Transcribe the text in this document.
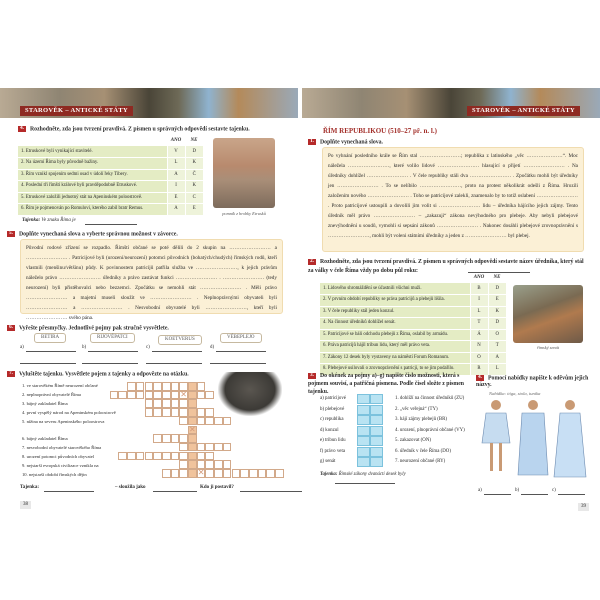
STAROVĚK – ANTICKÉ STÁTY
4. Rozhodněte, zda jsou tvrzení pravdivá. Z písmen u správných odpovědí sestavte tajenku.
	ANO	NE
1. Etruskové byli vynikající stavitelé.	V	D
2. Na území Říma byly původně bažiny.	L	K
3. Řím vznikl spojením sedmi osad v údolí řeky Tibery.	A	Č
4. Poslední tři římští králové byli pravděpodobně Etruskové.	I	K
5. Etruskové založili jednotný stát na Apeninském poloostrově.	E	C
6. Řím je pojmenován po Romulovi, kterého zabil bratr Remus.	A	E
pomník z hrobky Etrusků
Tajenka: Ve znaku Říma je
5. Doplňte vynechaná slova a vyberte správnou možnost v závorce.
Původní rodové zřízení se rozpadlo. Římští občané se poté dělili do 2 skupin na …………………… a …………………… . Patricijové byli (urození/neurození) potomci původních (bohatých/chudých) římských rodů, kteří vlastnili (menšinu/většinu) půdy. K povinnostem patricijů patřila služba ve ……………………, k jejich právům náleželo právo …………………… úředníky a právo zastávat funkci …………………… . …………………… (tedy neurození) byli přistěhovalci nebo bezzemci. Zpočátku se nemohli stát …………………… . Měli právo …………………… a majetní museli sloužit ve …………………… . Neplnoprávnými obyvateli byli …………………… a …………………… . Nesvobodní obyvatelé byli ……………………, kteří byli …………………… svého pána.
6. Vyřešte přesmyčky. Jednotlivé pojmy pak stručně vysvětlete.
BETIRA	RIJOVÉPATCI	KOETVERUS	VÉBEPLEJO
a)	b)	c)	d)
7. Vyluštěte tajenku. Vysvětlete pojem z tajenky a odpovězte na otázku.
1. ve starověkém Římě neurození občané
2. neplnoprávní obyvatelé Říma
3. bájný zakladatel Říma
4. první vyspělý národ na Apeninském poloostrově
5. nížina na severu Apeninského poloostrova
6. bájný zakladatel Říma
7. nesvobodní obyvatelé starověkého Říma
8. urození potomci původních obyvatel
9. nejstarší evropská civilizace vznikla na
10. nejstarší období římských dějin
✕
✕
✕
Tajenka:	– sloužila jako	Kdo ji postavil?
38
STAROVĚK – ANTICKÉ STÁTY
ŘÍM REPUBLIKOU (510–27 př. n. l.)
1. Doplňte vynechaná slova.
Po vyhnání posledního krále se Řím stal ……………………; republika z latinského „věc …………………“. Moc náležela ……………………, které volilo lidové …………………… hlasující o přijetí …………………… . Na úředníky dohlížel …………………… . V čele republiky stáli dva …………………… . Zpočátku mohli být úředníky jen …………………… . To se nelíbilo ……………………, proto na protest několikrát odešli z Říma. Hrozili založením nového …………………… . Toho se patricijové zalekli, znamenalo by to totiž oslabení …………………… . Proto patricijové ustoupili a dovolili jim volit si …………………… lidu – úředníka hájícího jejich zájmy. Tento úředník měl právo …………………… – „zakazuji“ zákona nevýhodného pro plebeje. Aby nebyli plebejové znevýhodnění u soudů, vymohli si sepsání zákonů …………………… . Nakonec dosáhli plebejové zrovnoprávnění s ……………………, mohli být voleni státními úředníky a jeden z …………………… byl plebej.
2. Rozhodněte, zda jsou tvrzení pravdivá. Z písmen u správných odpovědí sestavte název úředníka, který stál za války v čele Říma vždy po dobu půl roku:
	ANO	NE
1. Lidového shromáždění se účastnili všichni muži.	B	D
2. V prvním období republiky se práva patricijů a plebejů lišila.	I	E
3. V čele republiky stál jeden konzul.	L	K
4. Na činnost úředníků dohlížel senát.	T	D
5. Patricijové se báli odchodu plebejů z Říma, oslabil by armádu.	Á	O
6. Práva patricijů hájil tribun lidu, který měl právo veta.	N	T
7. Zákony 12 desek byly vystaveny na náměstí Forum Romanum.	O	A
8. Plebejové usilovali o zrovnoprávnění s patricji, to se jim podařilo.	R	L
římský senát
3. Do okének za pojmy a)–g) napište číslo možnosti, která s pojmem souvisí, a patřičná písmena. Podle čísel složte z písmen tajenku.
a) patricijové	1. dohlíží na činnost úředníků (ZU)
b) plebejové	2. „věc veřejná“ (TY)
c) republika	3. hájí zájmy plebejů (BR)
d) konzul	4. urození, plnoprávní občané (VY)
e) tribun lidu	5. zakazovat (ON)
f) právo veta	6. úředník v čele Říma (DO)
g) senát	7. neurození občané (RY)
Tajenka: Římské zákony dvanácti desek byly
4. Pomocí nabídky napište k oděvům jejich názvy.
Nabídka: tóga, stola, tunika
a)	b)	c)
39
